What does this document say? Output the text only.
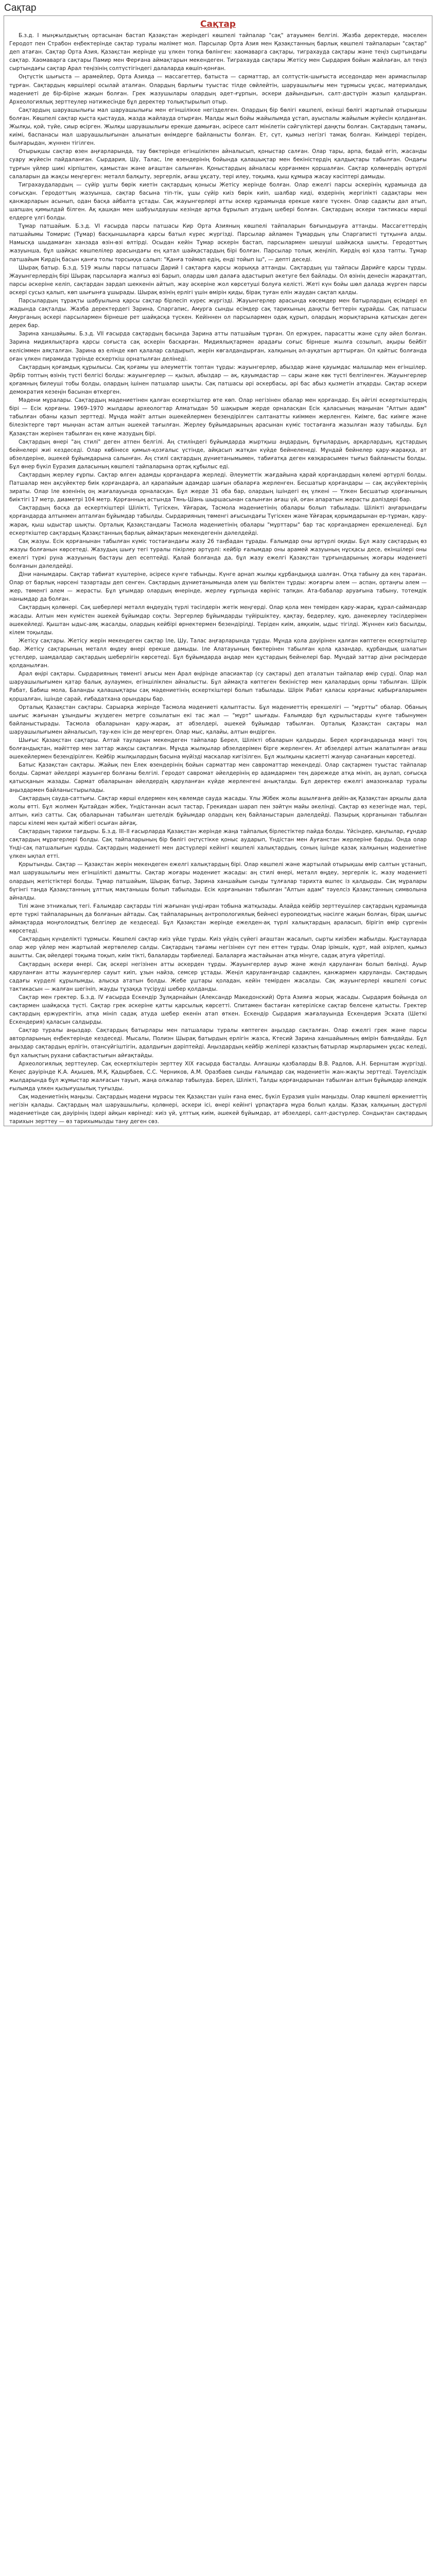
Сақтар
Сақтар

Б.з.д. I мыңжылдықтың ортасынан бастап Қазақстан жерiндегi көшпелi тайпалар "сақ" атауымен белгiлi. Жазба деректерде, мәселен Геродот пен Страбон еңбектерiнде сақтар туралы мәлiмет мол. Парсылар Орта Азия мен Қазақстанның барлық көшпелi тайпаларын "сақтар" деп атаған. Сақтар Орта Азия, Қазақстан жерiнде үш үлкен топқа бөлiнген: хаомаварга сақтары, тиграхауда сақтары және теңiз сыртындағы сақтар. Хаомаварга сақтары Памир мен Ферғана аймақтарын мекендеген. Тиграхауда сақтары Жетiсу мен Сырдария бойын жайлаған, ал теңiз сыртындағы сақтар Арал теңiзiнiң солтүстiгiндегi далаларда көшiп-қонған.

Оңтүстiк шығыста — арамейлер, Орта Азияда — массагеттер, батыста — сарматтар, ал солтүстiк-шығыста исседондар мен аримаспылар тұрған. Сақтардың көршiлерi осылай аталған. Олардың барлығы туыстас тiлде сөйлейтiн, шаруашылығы мен тұрмысы ұқсас, материалдық мәдениетi де бiр-бiрiне жақын болған. Грек жазушылары олардың әдет-ғұрпын, әскери дайындығын, салт-дәстүрiн жазып қалдырған. Археологиялық зерттеулер нәтижесiнде бұл деректер толықтырылып отыр.

Сақтардың шаруашылығы мал шаруашылығы мен егiншiлiкке негiзделген. Олардың бiр бөлiгi көшпелi, екiншi бөлiгi жартылай отырықшы болған. Көшпелi сақтар қыста қыстауда, жазда жайлауда отырған. Малды жыл бойы жайылымда ұстап, ауыспалы жайылым жүйесiн қолданған. Жылқы, қой, түйе, сиыр өсiрген. Жылқы шаруашылығы ерекше дамыған, әсiресе салт мiнiлетiн сәйгүлiктерi даңқты болған. Сақтардың тамағы, киiмi, баспанасы мал шаруашылығынан алынатын өнiмдерге байланысты болған. Ет, сүт, қымыз негiзгi тамақ болған. Киiмдерi терiден, былғарыдан, жүннен тiгiлген.

Отырықшы сақтар өзен аңғарларында, тау бөктерiнде егiншiлiкпен айналысып, қоныстар салған. Олар тары, арпа, бидай егiп, жасанды суару жүйесiн пайдаланған. Сырдария, Шу, Талас, Iле өзендерiнiң бойында қалашықтар мен бекiнiстердiң қалдықтары табылған. Ондағы тұрғын үйлер шикi кiрпiштен, қамыстан және ағаштан салынған. Қоныстардың айналасы қорғанмен қоршалған. Сақтар қолөнердiң әртүрлi салаларын да жақсы меңгерген: металл балқыту, зергерлiк, ағаш ұқсату, терi илеу, тоқыма, қыш құмыра жасау кәсiптерi дамыды.

Тиграхаудалардың — сүйiр ұшты бөрiк киетiн сақтардың қонысы Жетiсу жерiнде болған. Олар ежелгi парсы әскерiнiң құрамында да соғысқан. Геродоттың жазуынша, сақтар басына тiп-тiк, ұшы сүйiр киiз бөрiк киiп, шалбар кидi, өздерiнiң жергiлiктi садақтары мен қанжарларын асынып, одан басқа айбалта ұстады. Сақ жауынгерлерi атты әскер құрамында ерекше көзге түскен. Олар садақты дәл атып, шапшаң қимылдай бiлген. Ақ қашқан мен шабуылдаушы кезiнде артқа бұрылып атудың шеберi болған. Сақтардың әскери тактикасы көршi елдерге үлгi болды.

Тұмар патшайым. Б.з.д. VI ғасырда парсы патшасы Кир Орта Азияның көшпелi тайпаларын бағындыруға аттанды. Массагеттердiң патшайымы Томирис (Тұмар) басқыншыларға қарсы батыл күрес жүргiздi. Парсылар айламен Тұмардың ұлы Спаргапистi тұтқынға алды. Намысқа шыдамаған ханзада өзiн-өзi өлтiрдi. Осыдан кейiн Тұмар әскерiн бастап, парсылармен шешушi шайқасқа шықты. Геродоттың жазуынша, бұл шайқас көшпелiлер арасындағы ең қатал шайқастардың бiрi болған. Парсылар толық жеңiлiп, Кирдiң өзi қаза тапты. Тұмар патшайым Кирдiң басын қанға толы торсыққа салып: "Қанға тоймап едiң, ендi тойып iш", — дептi деседi.

Шырақ батыр. Б.з.д. 519 жылы парсы патшасы Дарий I сақтарға қарсы жорыққа аттанды. Сақтардың үш тайпасы Дарийге қарсы тұрды. Жауынгерлердiң бiрi Шырақ парсыларға жалғыз өзi барып, оларды шөл далаға адастырып әкетуге бел байлады. Ол өзiнiң денесiн жарақаттап, парсы әскерiне келiп, сақтардан зардап шеккенiн айтып, жау әскерiне жол көрсетушi болуға келiстi. Жетi күн бойы шөл далада жүрген парсы әскерi сусыз қалып, көп шығынға ұшырады. Шырақ өзiнiң ерлiгi үшiн өмiрiн қиды, бiрақ туған елiн жаудан сақтап қалды.

Парсылардың тұрақты шабуылына қарсы сақтар бiрлесiп күрес жүргiздi. Жауынгерлер арасында көсемдер мен батырлардың есiмдерi ел жадында сақталды. Жазба деректердегi Зарина, Спаргапис, Амурга сынды есiмдер сақ тарихының даңқты беттерiн құрайды. Сақ патшасы Амурганың әскерi парсылармен бiрнеше рет шайқасқа түскен. Кейiннен ол парсылармен одақ құрып, олардың жорықтарына қатысқан деген дерек бар.

Зарина ханшайымы. Б.з.д. VII ғасырда сақтардың басында Зарина атты патшайым тұрған. Ол ержүрек, парасатты және сұлу әйел болған. Зарина мидиялықтарға қарсы соғыста сақ әскерiн басқарған. Мидиялықтармен арадағы соғыс бiрнеше жылға созылып, ақыры бейбiт келiсiммен аяқталған. Зарина өз елiнде көп қалалар салдырып, жерiн көгалдандырған, халқының әл-ауқатын арттырған. Ол қайтыс болғанда оған үлкен пирамида түрiнде ескерткiш орнатылған делiнедi.

Сақтардың қоғамдық құрылысы. Сақ қоғамы үш әлеуметтiк топтан тұрды: жауынгерлер, абыздар және қауымдас малшылар мен егiншiлер. Әрбiр топтың өзiнiң түстi белгiсi болды: жауынгерлер — қызыл, абыздар — ақ, қауымдастар — сары және көк түстi белгiленген. Жауынгерлер қоғамның билеушi тобы болды, олардың iшiнен патшалар шықты. Сақ патшасы әрi әскербасы, әрi бас абыз қызметiн атқарды. Сақтар әскери демократия кезеңiн басынан өткерген.

Мәдени мұралары. Сақтардың мәдениетiнен қалған ескерткiштер өте көп. Олар негiзiнен обалар мен қорғандар. Ең әйгiлi ескерткiштердiң бiрi — Есiк қорғаны. 1969–1970 жылдары археологтар Алматыдан 50 шақырым жерде орналасқан Есiк қаласының маңынан "Алтын адам" табылған обаны қазып зерттедi. Мұнда мәйiт алтын әшекейлермен безендiрiлген салтанатты киiммен жерленген. Киiмге, бас киiмге және бiлезiктерге төрт мыңнан астам алтын әшекей тағылған. Жерлеу бұйымдарының арасынан күмiс тостағанға жазылған жазу табылды. Бұл Қазақстан жерiнен табылған ең көне жазудың бiрi.

Сақтардың өнерi "аң стилi" деген атпен белгiлi. Аң стилiндегi бұйымдарда жыртқыш аңдардың, бұғылардың, арқарлардың, құстардың бейнелерi жиi кездеседi. Олар көбiнесе қимыл-қозғалыс үстiнде, айқасып жатқан күйде бейнеленедi. Мұндай бейнелер қару-жараққа, ат әбзелдерiне, әшекей бұйымдарына салынған. Аң стилi сақтардың дүниетанымымен, табиғатқа деген көзқарасымен тығыз байланысты болды. Бұл өнер бүкiл Еуразия даласының көшпелi тайпаларына ортақ құбылыс едi.

Сақтардың жерлеу ғұрпы. Сақтар өлген адамды қорғандарға жерледi. Әлеуметтiк жағдайына қарай қорғандардың көлемi әртүрлi болды. Патшалар мен ақсүйектер биiк қорғандарға, ал қарапайым адамдар шағын обаларға жерленген. Бесшатыр қорғандары — сақ ақсүйектерiнiң зираты. Олар Iле өзенiнiң оң жағалауында орналасқан. Бұл жерде 31 оба бар, олардың iшiндегi ең үлкенi — Үлкен Бесшатыр қорғанының биiктiгi 17 метр, диаметрi 104 метр. Қорғанның астында Тянь-Шань шыршасынан салынған ағаш үй, оған апаратын жерасты дәлiздерi бар.

Сақтардың басқа да ескерткiштерi Шiлiктi, Түгiскен, Ұйғарақ, Тасмола мәдениетiнiң обалары болып табылады. Шiлiктi аңғарындағы қорғандарда алтынмен апталған бұйымдар табылды. Сырдарияның төменгi ағысындағы Түгiскен және Ұйғарақ қорымдарынан ер-тұрман, қару-жарақ, қыш ыдыстар шықты. Орталық Қазақстандағы Тасмола мәдениетiнiң обалары "мұрттары" бар тас қорғандармен ерекшеленедi. Бұл ескерткiштер сақтардың Қазақстанның барлық аймақтарын мекендегенiн дәлелдейдi.

Сақ жазуы. Есiк қорғанынан табылған күмiс тостағандағы жазу 26 таңбадан тұрады. Ғалымдар оны әртүрлi оқиды. Бұл жазу сақтардың өз жазуы болғанын көрсетедi. Жазудың шығу тегi туралы пiкiрлер әртүрлi: кейбiр ғалымдар оны арамей жазуының нұсқасы десе, екiншiлерi оны ежелгi түркi руна жазуының бастауы деп есептейдi. Қалай болғанда да, бұл жазу ежелгi Қазақстан тұрғындарының жоғары мәдениетi болғанын дәлелдейдi.

Дiни нанымдары. Сақтар табиғат күштерiне, әсiресе күнге табынды. Күнге арнап жылқы құрбандыққа шалған. Отқа табыну да кең тараған. Олар от барлық нәрсенi тазартады деп сенген. Сақтардың дүниетанымында әлем үш бөлiктен тұрды: жоғарғы әлем — аспан, ортаңғы әлем — жер, төменгi әлем — жерасты. Бұл ұғымдар олардың өнерiнде, жерлеу ғұрпында көрiнiс тапқан. Ата-бабалар аруағына табыну, тотемдiк нанымдар да болған.

Сақтардың қолөнерi. Сақ шеберлерi металл өңдеудiң түрлi тәсiлдерiн жетiк меңгердi. Олар қола мен темiрден қару-жарақ, құрал-саймандар жасады. Алтын мен күмiстен әшекей бұйымдар соқты. Зергерлер бұйымдарды түйiршiктеу, қақтау, бедерлеу, құю, дәнекерлеу тәсiлдерiмен әшекейледi. Қыштан ыдыс-аяқ жасалды, олардың кейбiрi өрнектермен безендiрiлдi. Терiден киiм, аяқкиiм, ыдыс тiгiлдi. Жүннен киiз басылды, кiлем тоқылды.

Жетiсу сақтары. Жетiсу жерiн мекендеген сақтар Iле, Шу, Талас аңғарларында тұрды. Мұнда қола дәуiрiнен қалған көптеген ескерткiштер бар. Жетiсу сақтарының металл өңдеу өнерi ерекше дамыды. Iле Алатауының бөктерiнен табылған қола қазандар, құрбандық шалатын үстелдер, шамдалдар сақтардың шеберлiгiн көрсетедi. Бұл бұйымдарда аңдар мен құстардың бейнелерi бар. Мұндай заттар дiни рәсiмдерде қолданылған.

Арал өңiрi сақтары. Сырдарияның төменгi ағысы мен Арал өңiрiнде апасиактар (су сақтары) деп аталатын тайпалар өмiр сүрдi. Олар мал шаруашылығымен қатар балық аулаумен, егiншiлiкпен айналысты. Бұл аймақта көптеген бекiнiстер мен қалалардың орны табылған. Шiрiк Рабат, Бабиш мола, Баланды қалашықтары сақ мәдениетiнiң ескерткiштерi болып табылады. Шiрiк Рабат қаласы қорғаныс қабырғаларымен қоршалған, iшiнде сарай, ғибадатхана орындары бар.

Орталық Қазақстан сақтары. Сарыарқа жерiнде Тасмола мәдениетi қалыптасты. Бұл мәдениеттiң ерекшелiгi — "мұртты" обалар. Обаның шығыс жағынан ұзындығы жүздеген метрге созылатын екi тас жал — "мұрт" шығады. Ғалымдар бұл құрылыстарды күнге табынумен байланыстырады. Тасмола обаларынан қару-жарақ, ат әбзелдерi, әшекей бұйымдар табылған. Орталық Қазақстан сақтары мал шаруашылығымен айналысып, тау-кен iсiн де меңгерген. Олар мыс, қалайы, алтын өндiрген.

Шығыс Қазақстан сақтары. Алтай тауларын мекендеген тайпалар Берел, Шiлiктi обаларын қалдырды. Берел қорғандарында мәңгi тоң болғандықтан, мәйiттер мен заттар жақсы сақталған. Мұнда жылқылар әбзелдерiмен бiрге жерленген. Ат әбзелдерi алтын жалатылған ағаш әшекейлермен безендiрiлген. Кейбiр жылқылардың басына мүйiздi маскалар кигiзiлген. Бұл жылқыны қасиеттi жануар санағанын көрсетедi.

Батыс Қазақстан сақтары. Жайық пен Елек өзендерiнiң бойын сарматтар мен савроматтар мекендедi. Олар сақтармен туыстас тайпалар болды. Сармат әйелдерi жауынгер болғаны белгiлi. Геродот савромат әйелдерiнiң ер адамдармен тең дәрежеде атқа мiнiп, аң аулап, соғысқа қатысқанын жазады. Сармат обаларынан әйелдердiң қаруланған күйде жерленгенi анықталды. Бұл деректер ежелгi амазонкалар туралы аңыздармен байланыстырылады.

Сақтардың сауда-саттығы. Сақтар көршi елдермен кең көлемде сауда жасады. Ұлы Жiбек жолы ашылғанға дейiн-ақ Қазақстан арқылы дала жолы өттi. Бұл жолмен Қытайдан жiбек, Үндiстаннан асыл тастар, Грекиядан шарап пен зәйтүн майы әкелiндi. Сақтар өз кезегiнде мал, терi, алтын, киiз сатты. Сақ обаларынан табылған шетелдiк бұйымдар олардың кең байланыстарын дәлелдейдi. Пазырық қорғанынан табылған парсы кiлемi мен қытай жiбегi осыған айғақ.

Сақтардың тарихи тағдыры. Б.з.д. III–II ғасырларда Қазақстан жерiнде жаңа тайпалық бiрлестiктер пайда болды. Үйсiндер, қаңлылар, ғұндар сақтардың мұрагерлерi болды. Сақ тайпаларының бiр бөлiгi оңтүстiкке қоныс аударып, Үндiстан мен Ауғанстан жерлерiне барды. Онда олар Үндi-сақ патшалығын құрды. Сақтардың мәдениетi мен дәстүрлерi кейiнгi көшпелi халықтардың, соның iшiнде қазақ халқының мәдениетiне үлкен ықпал еттi.

Қорытынды. Сақтар — Қазақстан жерiн мекендеген ежелгi халықтардың бiрi. Олар көшпелi және жартылай отырықшы өмiр салтын ұстанып, мал шаруашылығы мен егiншiлiктi дамытты. Сақтар жоғары мәдениет жасады: аң стилi өнерi, металл өңдеу, зергерлiк iс, жазу мәдениетi олардың жетiстiктерi болды. Тұмар патшайым, Шырақ батыр, Зарина ханшайым сынды тұлғалар тарихта өшпес iз қалдырды. Сақ мұралары бүгiнгi таңда Қазақстанның ұлттық мақтанышы болып табылады. Есiк қорғанынан табылған "Алтын адам" тәуелсiз Қазақстанның символына айналды.

Тiлi және этникалық тегi. Ғалымдар сақтарды тiлi жағынан үндi-иран тобына жатқызады. Алайда кейбiр зерттеушiлер сақтардың құрамында ерте түркi тайпаларының да болғанын айтады. Сақ тайпаларының антропологиялық бейнесi еуропеоидтық нәсiлге жақын болған, бiрақ шығыс аймақтарда моңғолоидтық белгiлер де кездеседi. Бұл Қазақстан жерiнде ежелден-ақ түрлi халықтардың араласып, бiрiгiп өмiр сүргенiн көрсетедi.

Сақтардың күнделiктi тұрмысы. Көшпелi сақтар киiз үйде тұрды. Киiз үйдiң сүйегi ағаштан жасалып, сырты киiзбен жабылды. Қыстауларда олар жер үйлер мен жартылай жертөлелер салды. Сақтардың тағамы негiзiнен сүт пен еттен тұрды. Олар iрiмшiк, құрт, май әзiрлеп, қымыз ашытты. Сақ әйелдерi тоқыма тоқып, киiм тiктi, балаларды тәрбиеледi. Балаларға жастайынан атқа мiнуге, садақ атуға үйретiлдi.

Сақтардың әскери өнерi. Сақ әскерi негiзiнен атты әскерден тұрды. Жауынгерлер ауыр және жеңiл қаруланған болып бөлiндi. Ауыр қаруланған атты жауынгерлер сауыт киiп, ұзын найза, семсер ұстады. Жеңiл қаруланғандар садақпен, қанжармен қаруланды. Сақтардың садағы күрделi құрылымды, алысқа ататын болды. Жебе ұштары қоладан, кейiн темiрден жасалды. Сақ жауынгерлерi көшпелi соғыс тактикасын — жалған шегiнiп, жауды тұзаққа түсiрудi шебер қолданды.

Сақтар мен гректер. Б.з.д. IV ғасырда Ескендiр Зұлқарнайын (Александр Македонский) Орта Азияға жорық жасады. Сырдария бойында ол сақтармен шайқасқа түстi. Сақтар грек әскерiне қатты қарсылық көрсеттi. Спитамен бастаған көтерiлiске сақтар белсене қатысты. Гректер сақтардың ержүректiгiн, атқа мiнiп садақ атуда шебер екенiн атап өткен. Ескендiр Сырдария жағалауында Ескендерия Эсхата (Шеткi Ескендерия) қаласын салдырды.

Сақтар туралы аңыздар. Сақтардың батырлары мен патшалары туралы көптеген аңыздар сақталған. Олар ежелгi грек және парсы авторларының еңбектерiнде кездеседi. Мысалы, Полиэн Шырақ батырдың ерлiгiн жазса, Ктесий Зарина ханшайымның өмiрiн баяндайды. Бұл аңыздар сақтардың ерлiгiн, отансүйгiштiгiн, адалдығын дәрiптейдi. Аңыздардың кейбiр желiлерi қазақтың батырлар жырларымен ұқсас келедi, бұл халықтың рухани сабақтастығын айғақтайды.

Археологиялық зерттеулер. Сақ ескерткiштерiн зерттеу XIX ғасырда басталды. Алғашқы қазбаларды В.В. Радлов, А.Н. Бернштам жүргiздi. Кеңес дәуiрiнде К.А. Ақышев, М.Қ. Қадырбаев, С.С. Черников, А.М. Оразбаев сынды ғалымдар сақ мәдениетiн жан-жақты зерттедi. Тәуелсiздiк жылдарында бұл жұмыстар жалғасын тауып, жаңа олжалар табылуда. Берел, Шiлiктi, Талды қорғандарынан табылған алтын бұйымдар әлемдiк ғылымда үлкен қызығушылық туғызды.

Сақ мәдениетiнiң маңызы. Сақтардың мәдени мұрасы тек Қазақстан үшiн ғана емес, бүкiл Еуразия үшiн маңызды. Олар көшпелi өркениеттiң негiзiн қалады. Сақтардың мал шаруашылығы, қолөнерi, әскери iсi, өнерi кейiнгi ұрпақтарға мұра болып қалды. Қазақ халқының дәстүрлi мәдениетiнде сақ дәуiрiнiң iздерi айқын көрiнедi: киiз үй, ұлттық киiм, әшекей бұйымдар, ат әбзелдерi, салт-дәстүрлер. Сондықтан сақтардың тарихын зерттеу — өз тарихымызды тану деген сөз.
